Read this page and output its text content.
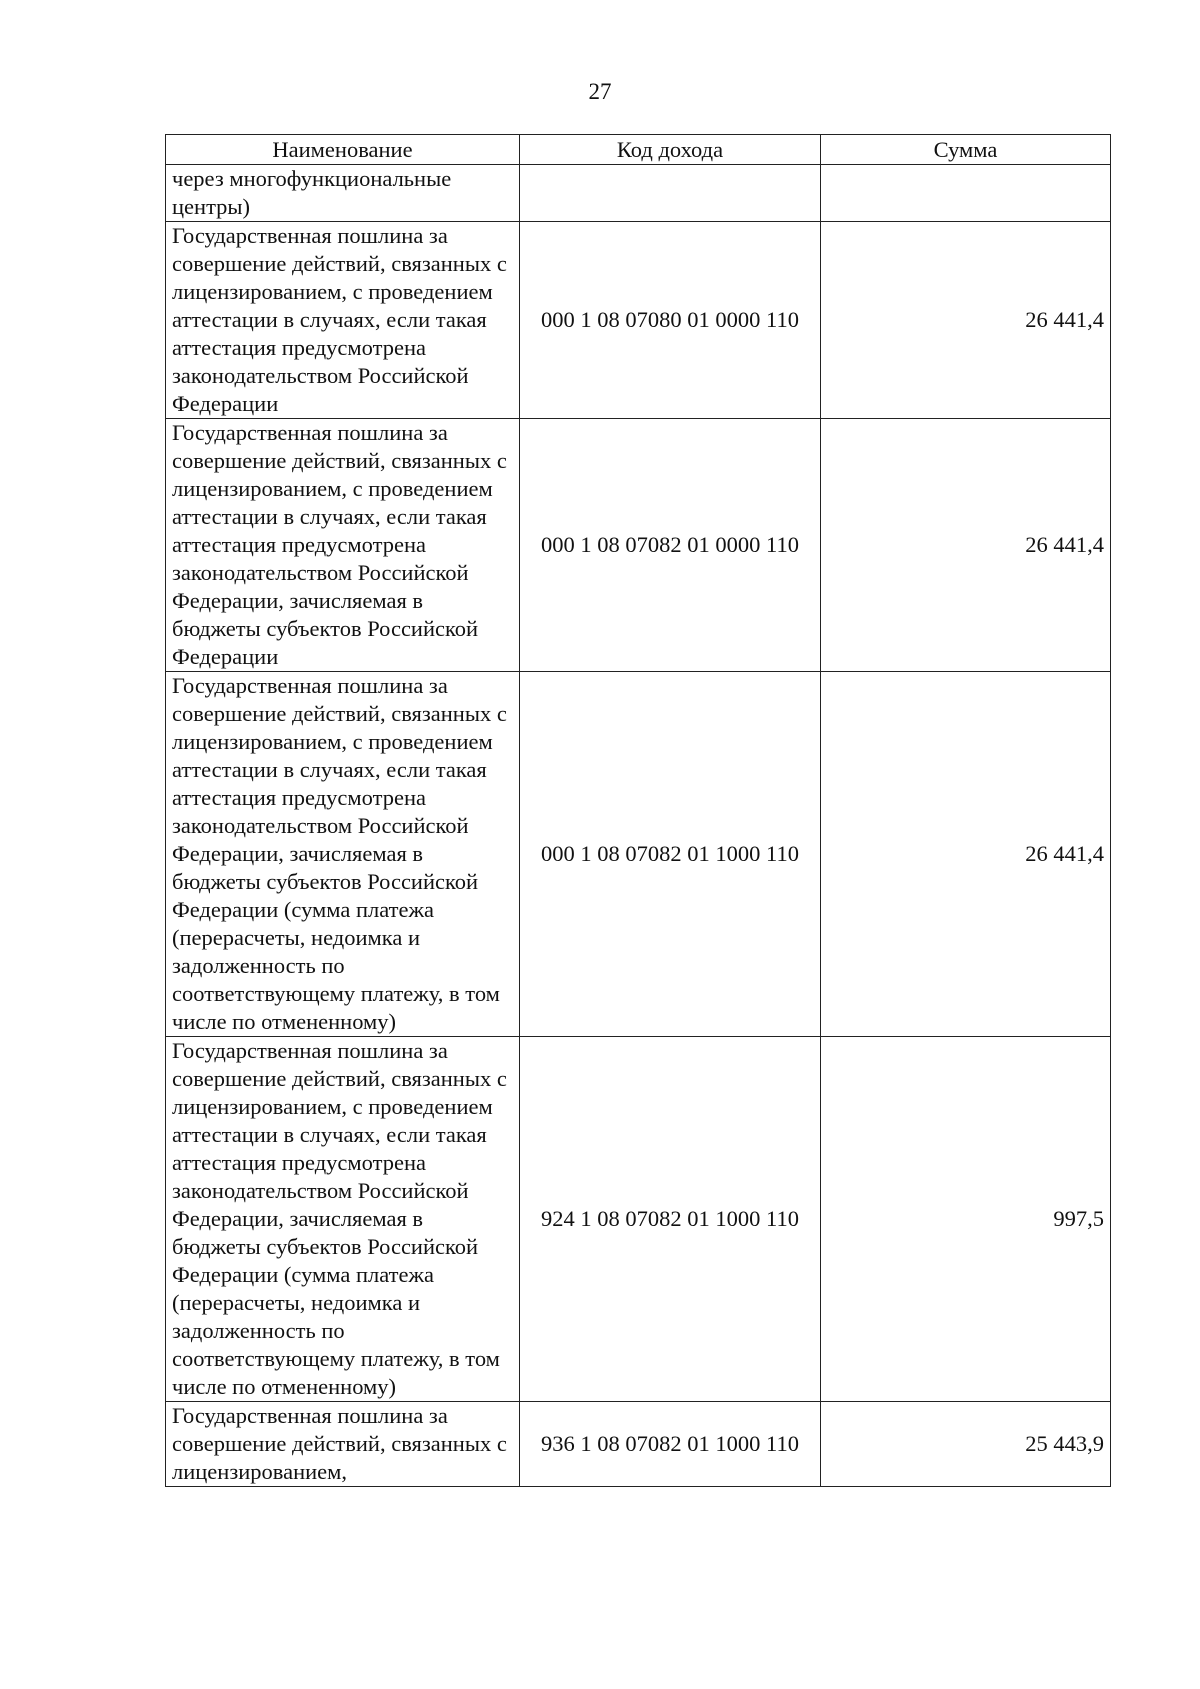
27
Наименование	Код дохода	Сумма
через многофункциональные центры)		
Государственная пошлина за совершение действий, связанных с лицензированием, с проведением аттестации в случаях, если такая аттестация предусмотрена законодательством Российской Федерации	000 1 08 07080 01 0000 110	26 441,4
Государственная пошлина за совершение действий, связанных с лицензированием, с проведением аттестации в случаях, если такая аттестация предусмотрена законодательством Российской Федерации, зачисляемая в бюджеты субъектов Российской Федерации	000 1 08 07082 01 0000 110	26 441,4
Государственная пошлина за совершение действий, связанных с лицензированием, с проведением аттестации в случаях, если такая аттестация предусмотрена законодательством Российской Федерации, зачисляемая в бюджеты субъектов Российской Федерации (сумма платежа (перерасчеты, недоимка и задолженность по соответствующему платежу, в том числе по отмененному)	000 1 08 07082 01 1000 110	26 441,4
Государственная пошлина за совершение действий, связанных с лицензированием, с проведением аттестации в случаях, если такая аттестация предусмотрена законодательством Российской Федерации, зачисляемая в бюджеты субъектов Российской Федерации (сумма платежа (перерасчеты, недоимка и задолженность по соответствующему платежу, в том числе по отмененному)	924 1 08 07082 01 1000 110	997,5
Государственная пошлина за совершение действий, связанных с лицензированием,	936 1 08 07082 01 1000 110	25 443,9
